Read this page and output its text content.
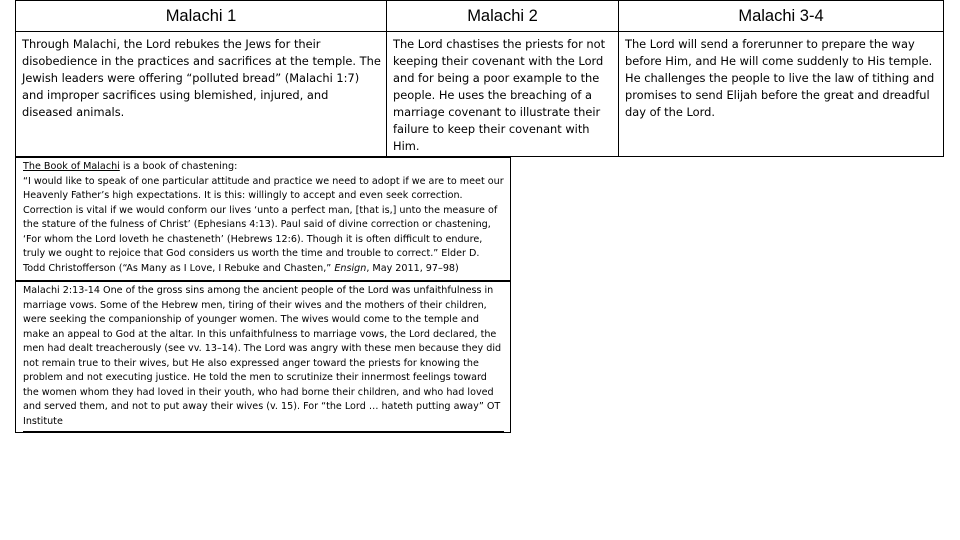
Malachi 1
Through Malachi, the Lord rebukes the Jews for their disobedience in the practices and sacrifices at the temple. The Jewish leaders were offering “polluted bread” (Malachi 1:7) and improper sacrifices using blemished, injured, and diseased animals.
Malachi 2
The Lord chastises the priests for not keeping their covenant with the Lord and for being a poor example to the people. He uses the breaching of a marriage covenant to illustrate their failure to keep their covenant with Him.
Malachi 3-4
The Lord will send a forerunner to prepare the way before Him, and He will come suddenly to His temple. He challenges the people to live the law of tithing and promises to send Elijah before the great and dreadful day of the Lord.
The Book of Malachi is a book of chastening:
“I would like to speak of one particular attitude and practice we need to adopt if we are to meet our Heavenly Father’s high expectations. It is this: willingly to accept and even seek correction. Correction is vital if we would conform our lives ‘unto a perfect man, [that is,] unto the measure of the stature of the fulness of Christ’ (Ephesians 4:13). Paul said of divine correction or chastening, ‘For whom the Lord loveth he chasteneth’ (Hebrews 12:6). Though it is often difficult to endure, truly we ought to rejoice that God considers us worth the time and trouble to correct.” Elder D. Todd Christofferson (“As Many as I Love, I Rebuke and Chasten,” Ensign, May 2011, 97–98)
Malachi 2:13-14 One of the gross sins among the ancient people of the Lord was unfaithfulness in marriage vows. Some of the Hebrew men, tiring of their wives and the mothers of their children, were seeking the companionship of younger women. The wives would come to the temple and make an appeal to God at the altar. In this unfaithfulness to marriage vows, the Lord declared, the men had dealt treacherously (see vv. 13–14). The Lord was angry with these men because they did not remain true to their wives, but He also expressed anger toward the priests for knowing the problem and not executing justice. He told the men to scrutinize their innermost feelings toward the women whom they had loved in their youth, who had borne their children, and who had loved and served them, and not to put away their wives (v. 15). For “the Lord … hateth putting away” OT Institute
